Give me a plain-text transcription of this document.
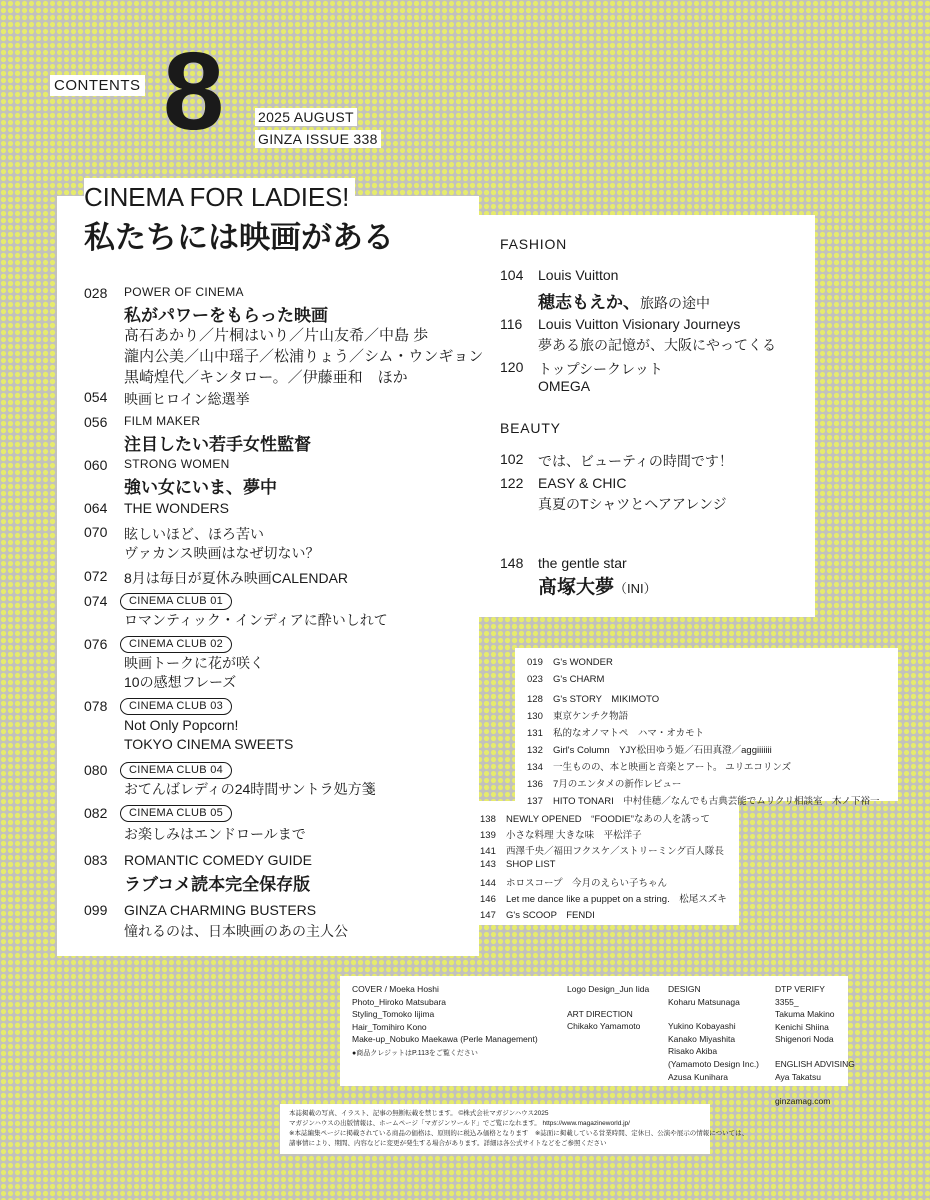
CONTENTS 8 2025 AUGUST
GINZA ISSUE 338
CINEMA FOR LADIES!
私たちには映画がある
028 POWER OF CINEMA
私がパワーをもらった映画
髙石あかり／片桐はいり／片山友希／中島 歩
瀧内公美／山中瑶子／松浦りょう／シム・ウンギョン
黒崎煌代／キンタロー。／伊藤亜和　ほか
054 映画ヒロイン総選挙
056 FILM MAKER
注目したい若手女性監督
060 STRONG WOMEN
強い女にいま、夢中
064 THE WONDERS
070 眩しいほど、ほろ苦い
ヴァカンス映画はなぜ切ない？
072 8月は毎日が夏休み映画CALENDAR
074	CINEMA CLUB 01
ロマンティック・インディアに酔いしれて
076	CINEMA CLUB 02
映画トークに花が咲く
10の感想フレーズ
078	CINEMA CLUB 03
Not Only Popcorn!
TOKYO CINEMA SWEETS
080	CINEMA CLUB 04
おてんばレディの24時間サントラ処方箋
082	CINEMA CLUB 05
お楽しみはエンドロールまで
083 ROMANTIC COMEDY GUIDE
ラブコメ読本完全保存版
099 GINZA CHARMING BUSTERS
憧れるのは、日本映画のあの主人公
FASHION
104 Louis Vuitton
穂志もえか、旅路の途中
116 Louis Vuitton Visionary Journeys
夢ある旅の記憶が、大阪にやってくる
120 トップシークレット
OMEGA
BEAUTY
102 では、ビューティの時間です！
122 EASY & CHIC
真夏のTシャツとヘアアレンジ
148 the gentle star
髙塚大夢（INI）
019 G's WONDER
023 G's CHARM
128 G's STORY　MIKIMOTO
130 東京ケンチク物語
131 私的なオノマトペ　ハマ・オカモト
132 Girl's Column　YJY松田ゆう姫／石田真澄／aggiiiiiii
134 一生ものの、本と映画と音楽とアート。 ユリエコリンズ
136 7月のエンタメの新作レビュー
137 HITO TONARI　中村佳穂／なんでも古典芸能でムリクリ相談室　木ノ下裕一
138 NEWLY OPENED　“FOODIE”なあの人を誘って
139 小さな料理 大きな味　平松洋子
141 西澤千央／福田フクスケ／ストリーミング百人隊長
143 SHOP LIST
144 ホロスコープ　今月のえらい子ちゃん
146 Let me dance like a puppet on a string.　松尾スズキ
147 G's SCOOP　FENDI
COVER / Moeka Hoshi
Photo_Hiroko Matsubara
Styling_Tomoko Iijima
Hair_Tomihiro Kono
Make-up_Nobuko Maekawa (Perle Management)
●商品クレジットはP.113をご覧ください
Logo Design_Jun Iida
ART DIRECTION
Chikako Yamamoto
DESIGN
Koharu Matsunaga
Yukino Kobayashi
Kanako Miyashita
Risako Akiba
(Yamamoto Design Inc.)
Azusa Kunihara
DTP VERIFY
3355_
Takuma Makino
Kenichi Shiina
Shigenori Noda
ENGLISH ADVISING
Aya Takatsu
ginzamag.com
本誌掲載の写真、イラスト、記事の無断転載を禁じます。 ©株式会社マガジンハウス2025
マガジンハウスの出版情報は、ホームページ「マガジンワールド」でご覧になれます。 https://www.magazineworld.jp/
※本誌編集ページに掲載されている商品の価格は、原則的に税込み価格となります　※誌面に掲載している営業時間、定休日、公演や展示の情報については、
諸事情により、期間、内容などに変更が発生する場合があります。詳細は各公式サイトなどをご参照ください
